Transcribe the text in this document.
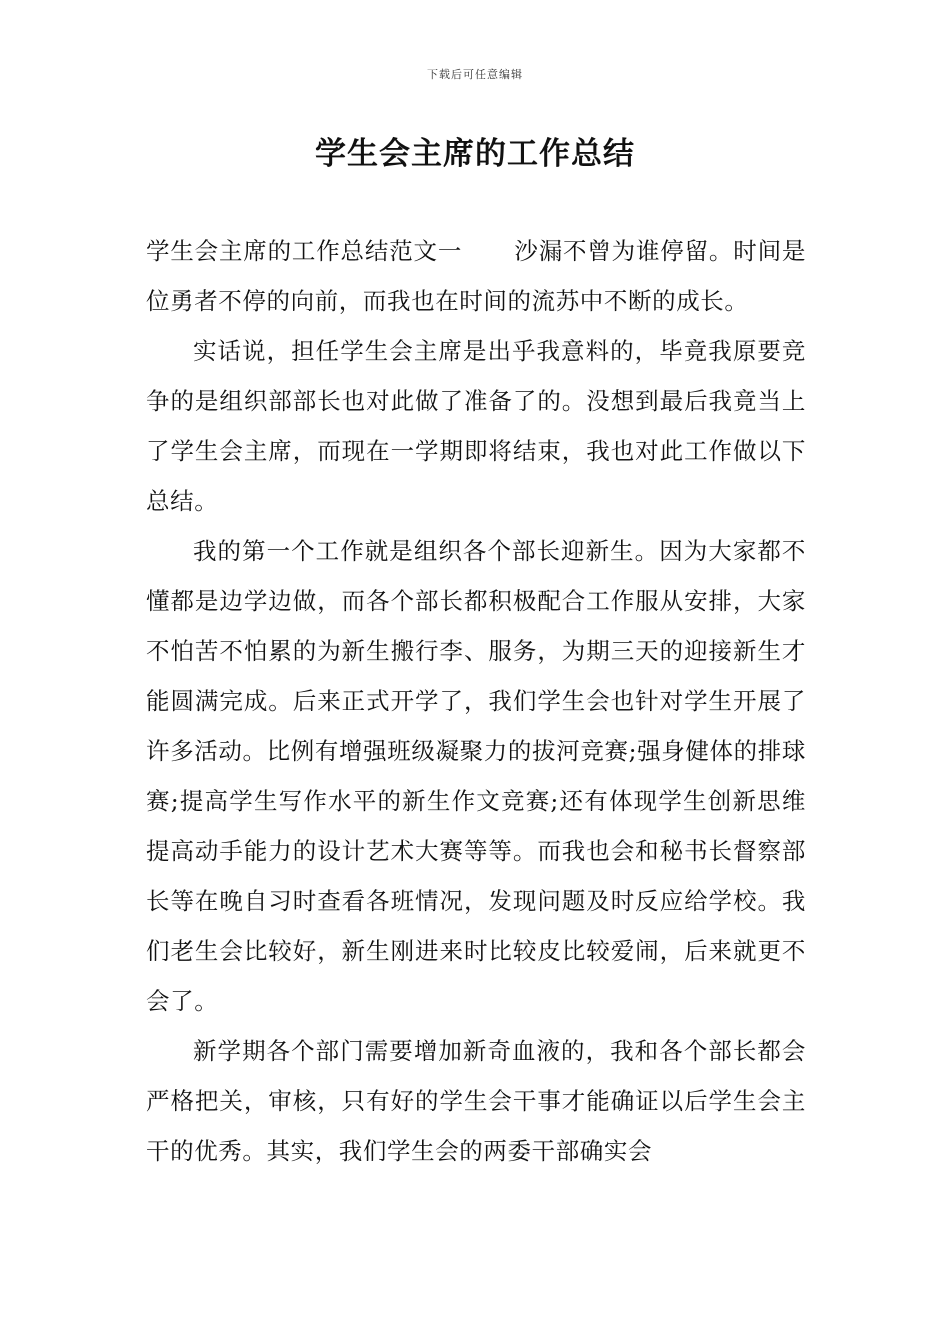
下载后可任意编辑
学生会主席的工作总结

学生会主席的工作总结范文一 沙漏不曾为谁停留。时间是位勇者不停的向前，而我也在时间的流苏中不断的成长。

实话说，担任学生会主席是出乎我意料的，毕竟我原要竞争的是组织部部长也对此做了准备了的。没想到最后我竟当上了学生会主席，而现在一学期即将结束，我也对此工作做以下总结。

我的第一个工作就是组织各个部长迎新生。因为大家都不懂都是边学边做，而各个部长都积极配合工作服从安排，大家不怕苦不怕累的为新生搬行李、服务，为期三天的迎接新生才能圆满完成。后来正式开学了，我们学生会也针对学生开展了许多活动。比例有增强班级凝聚力的拔河竞赛;强身健体的排球赛;提高学生写作水平的新生作文竞赛;还有体现学生创新思维提高动手能力的设计艺术大赛等等。而我也会和秘书长督察部长等在晚自习时查看各班情况，发现问题及时反应给学校。我们老生会比较好，新生刚进来时比较皮比较爱闹，后来就更不会了。

新学期各个部门需要增加新奇血液的，我和各个部长都会严格把关，审核，只有好的学生会干事才能确证以后学生会主干的优秀。其实，我们学生会的两委干部确实会
